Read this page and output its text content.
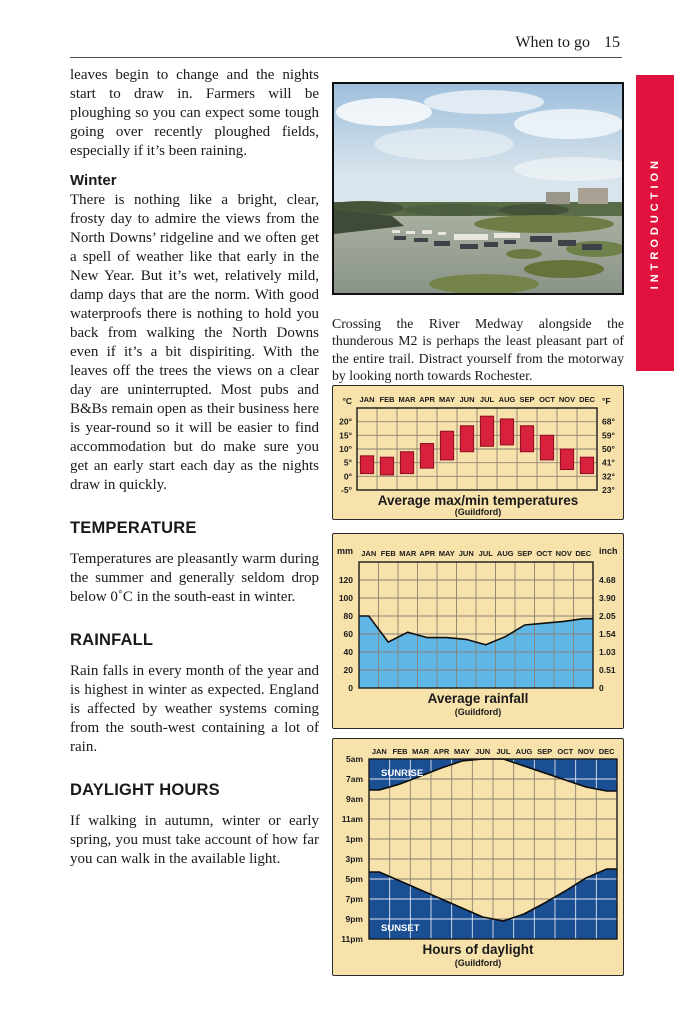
When to go 15
INTRODUCTION

leaves begin to change and the nights start to draw in. Farmers will be ploughing so you can expect some tough going over recently ploughed fields, especially if it’s been raining.

Winter

There is nothing like a bright, clear, frosty day to admire the views from the North Downs’ ridgeline and we often get a spell of weather like that early in the New Year. But it’s wet, relatively mild, damp days that are the norm. With good waterproofs there is nothing to hold you back from walking the North Downs even if it’s a bit dispiriting. With the leaves off the trees the views on a clear day are uninterrupted. Most pubs and B&Bs remain open as their business here is year-round so it will be easier to find accommodation but do make sure you get an early start each day as the nights draw in quickly.

TEMPERATURE

Temperatures are pleasantly warm during the summer and generally seldom drop below 0˚C in the south-east in winter.

RAINFALL

Rain falls in every month of the year and is highest in winter as expected. England is affected by weather systems coming from the south-west containing a lot of rain.

DAYLIGHT HOURS

If walking in autumn, winter or early spring, you must take account of how far you can walk in the available light.

Crossing the River Medway alongside the thunderous M2 is perhaps the least pleasant part of the entire trail. Distract yourself from the motorway by looking north towards Rochester.

Average max/min temperatures
(Guildford)
JAN FEB MAR APR MAY JUN JUL AUG SEP OCT NOV DEC
°C	°F
20°
15°
10°
5°
0°
-5°
68°
59°
50°
41°
32°
23°
Average rainfall
(Guildford)
JAN FEB MAR APR MAY JUN JUL AUG SEP OCT NOV DEC
mm	inch
120
100
80
60
40
20
0
4.68
3.90
2.05
1.54
1.03
0.51
0
Hours of daylight
(Guildford)
JAN FEB MAR APR MAY JUN JUL AUG SEP OCT NOV DEC
5am
7am
9am
11am
1pm
3pm
5pm
7pm
9pm
11pm
SUNRISE
SUNSET
